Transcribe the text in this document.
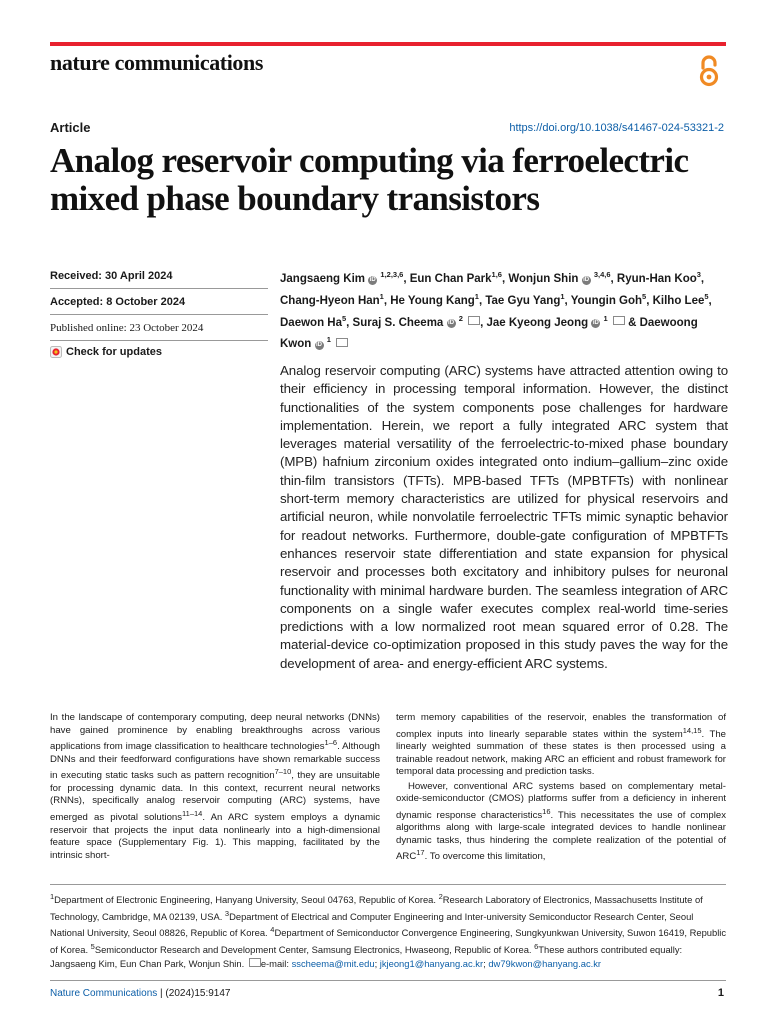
nature communications
Article	https://doi.org/10.1038/s41467-024-53321-2
Analog reservoir computing via ferroelectric mixed phase boundary transistors
Received: 30 April 2024
Accepted: 8 October 2024
Published online: 23 October 2024
Check for updates
Jangsaeng Kim iD $^{1,2,3,6}$, Eun Chan Park$^{1,6}$, Wonjun Shin iD $^{3,4,6}$, Ryun-Han Koo$^3$, Chang-Hyeon Han$^1$, He Young Kang$^1$, Tae Gyu Yang$^1$, Youngin Goh$^5$, Kilho Lee$^5$, Daewon Ha$^5$, Suraj S. Cheema iD $^2$ , Jae Kyeong Jeong iD $^1$  & Daewoong Kwon iD $^1$
Analog reservoir computing (ARC) systems have attracted attention owing to their efficiency in processing temporal information. However, the distinct functionalities of the system components pose challenges for hardware implementation. Herein, we report a fully integrated ARC system that leverages material versatility of the ferroelectric-to-mixed phase boundary (MPB) hafnium zirconium oxides integrated onto indium–gallium–zinc oxide thin-film transistors (TFTs). MPB-based TFTs (MPBTFTs) with nonlinear short-term memory characteristics are utilized for physical reservoirs and artificial neuron, while nonvolatile ferroelectric TFTs mimic synaptic behavior for readout networks. Furthermore, double-gate configuration of MPBTFTs enhances reservoir state differentiation and state expansion for physical reservoir and processes both excitatory and inhibitory pulses for neuronal functionality with minimal hardware burden. The seamless integration of ARC components on a single wafer executes complex real-world time-series predictions with a low normalized root mean squared error of 0.28. The material-device co-optimization proposed in this study paves the way for the development of area- and energy-efficient ARC systems.

In the landscape of contemporary computing, deep neural networks (DNNs) have gained prominence by enabling breakthroughs across various applications from image classification to healthcare technologies$^{1-6}$. Although DNNs and their feedforward configurations have shown remarkable success in executing static tasks such as pattern recognition$^{7-10}$, they are unsuitable for processing dynamic data. In this context, recurrent neural networks (RNNs), specifically analog reservoir computing (ARC) systems, have emerged as pivotal solutions$^{11-14}$. An ARC system employs a dynamic reservoir that projects the input data nonlinearly into a high-dimensional feature space (Supplementary Fig. 1). This mapping, facilitated by the intrinsic short-

term memory capabilities of the reservoir, enables the transformation of complex inputs into linearly separable states within the system$^{14,15}$. The linearly weighted summation of these states is then processed using a trainable readout network, making ARC an efficient and robust framework for temporal data processing and prediction tasks.

However, conventional ARC systems based on complementary metal-oxide-semiconductor (CMOS) platforms suffer from a deficiency in inherent dynamic response characteristics$^{16}$. This necessitates the use of complex algorithms along with large-scale integrated devices to handle nonlinear dynamic tasks, thus hindering the complete realization of the potential of ARC$^{17}$. To overcome this limitation,

$^1$Department of Electronic Engineering, Hanyang University, Seoul 04763, Republic of Korea. $^2$Research Laboratory of Electronics, Massachusetts Institute of Technology, Cambridge, MA 02139, USA. $^3$Department of Electrical and Computer Engineering and Inter-university Semiconductor Research Center, Seoul National University, Seoul 08826, Republic of Korea. $^4$Department of Semiconductor Convergence Engineering, Sungkyunkwan University, Suwon 16419, Republic of Korea. $^5$Semiconductor Research and Development Center, Samsung Electronics, Hwaseong, Republic of Korea. $^6$These authors contributed equally: Jangsaeng Kim, Eun Chan Park, Wonjun Shin. e-mail: sscheema@mit.edu; jkjeong1@hanyang.ac.kr; dw79kwon@hanyang.ac.kr
Nature Communications | (2024)15:9147	1
